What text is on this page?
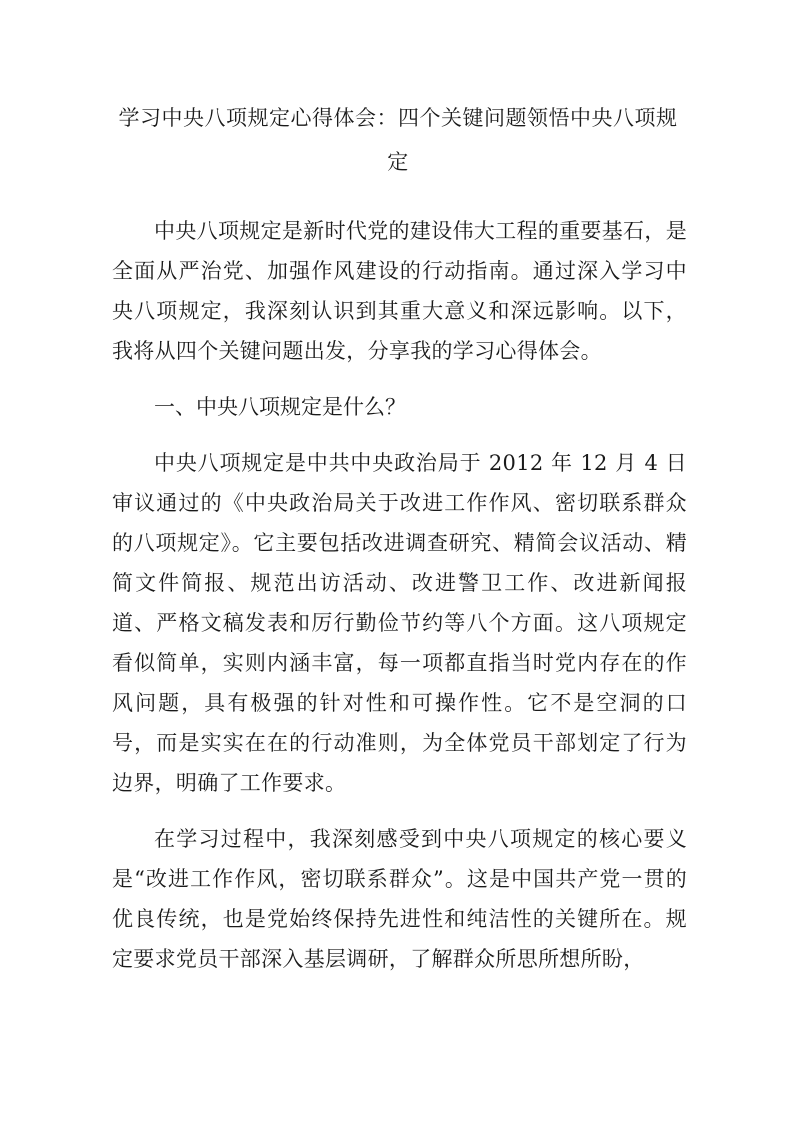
学习中央八项规定心得体会：四个关键问题领悟中央八项规定

中央八项规定是新时代党的建设伟大工程的重要基石，是全面从严治党、加强作风建设的行动指南。通过深入学习中央八项规定，我深刻认识到其重大意义和深远影响。以下，我将从四个关键问题出发，分享我的学习心得体会。

一、中央八项规定是什么？

中央八项规定是中共中央政治局于 2012 年 12 月 4 日审议通过的《中央政治局关于改进工作作风、密切联系群众的八项规定》。它主要包括改进调查研究、精简会议活动、精简文件简报、规范出访活动、改进警卫工作、改进新闻报道、严格文稿发表和厉行勤俭节约等八个方面。这八项规定看似简单，实则内涵丰富，每一项都直指当时党内存在的作风问题，具有极强的针对性和可操作性。它不是空洞的口号，而是实实在在的行动准则，为全体党员干部划定了行为边界，明确了工作要求。

在学习过程中，我深刻感受到中央八项规定的核心要义是“改进工作作风，密切联系群众”。这是中国共产党一贯的优良传统，也是党始终保持先进性和纯洁性的关键所在。规定要求党员干部深入基层调研，了解群众所思所想所盼，
